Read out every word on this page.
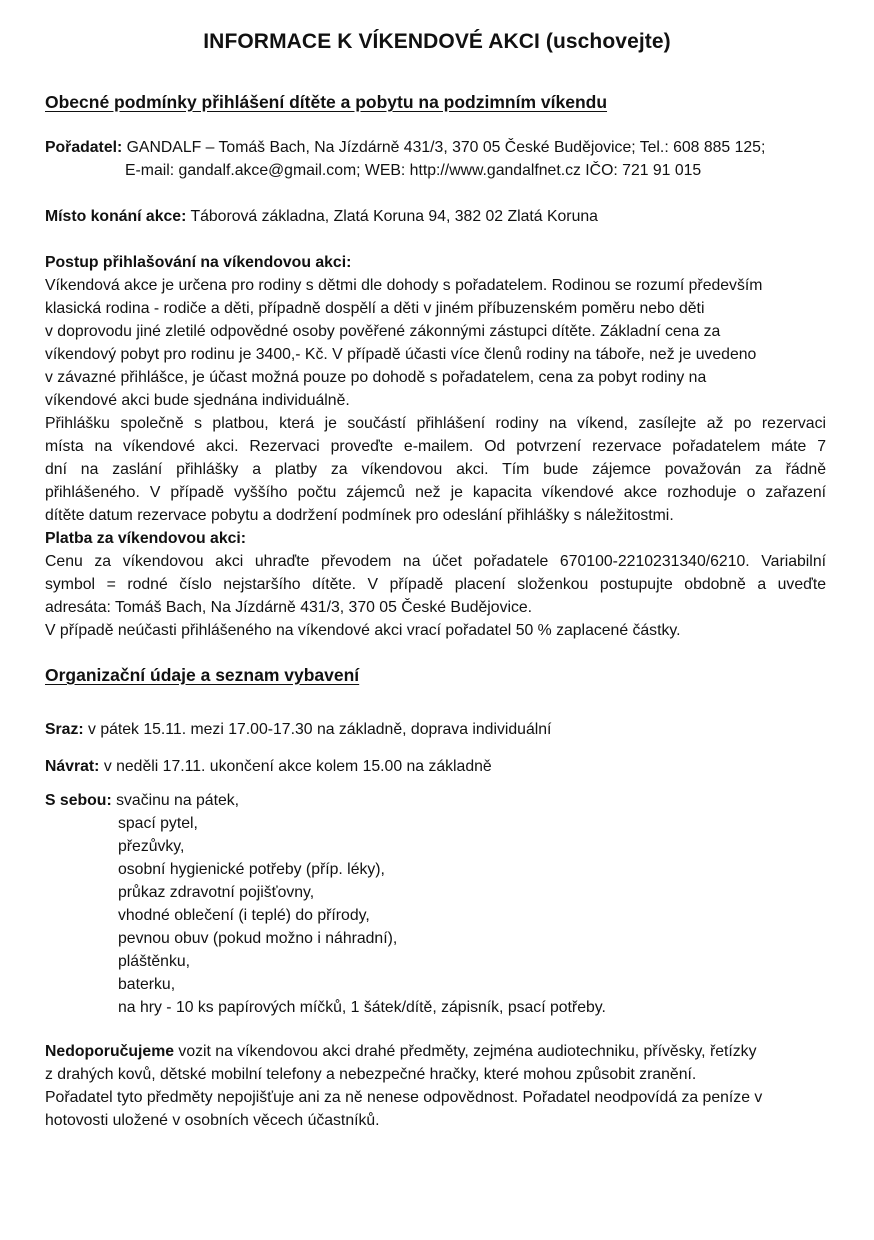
INFORMACE K VÍKENDOVÉ AKCI (uschovejte)
Obecné podmínky přihlášení dítěte a pobytu na podzimním víkendu
Pořadatel: GANDALF – Tomáš Bach, Na Jízdárně 431/3, 370 05 České Budějovice; Tel.: 608 885 125;
E-mail: gandalf.akce@gmail.com; WEB: http://www.gandalfnet.cz IČO: 721 91 015
Místo konání akce: Táborová základna, Zlatá Koruna 94, 382 02 Zlatá Koruna
Postup přihlašování na víkendovou akci:
Víkendová akce je určena pro rodiny s dětmi dle dohody s pořadatelem. Rodinou se rozumí především
klasická rodina - rodiče a děti, případně dospělí a děti v jiném příbuzenském poměru nebo děti
v doprovodu jiné zletilé odpovědné osoby pověřené zákonnými zástupci dítěte. Základní cena za
víkendový pobyt pro rodinu je 3400,- Kč. V případě účasti více členů rodiny na táboře, než je uvedeno
v závazné přihlášce, je účast možná pouze po dohodě s pořadatelem, cena za pobyt rodiny na
víkendové akci bude sjednána individuálně.
Přihlášku společně s platbou, která je součástí přihlášení rodiny na víkend, zasílejte až po rezervaci
místa na víkendové akci. Rezervaci proveďte e-mailem. Od potvrzení rezervace pořadatelem máte 7
dní na zaslání přihlášky a platby za víkendovou akci. Tím bude zájemce považován za řádně
přihlášeného. V případě vyššího počtu zájemců než je kapacita víkendové akce rozhoduje o zařazení
dítěte datum rezervace pobytu a dodržení podmínek pro odeslání přihlášky s náležitostmi.
Platba za víkendovou akci:
Cenu za víkendovou akci uhraďte převodem na účet pořadatele 670100-2210231340/6210. Variabilní
symbol = rodné číslo nejstaršího dítěte. V případě placení složenkou postupujte obdobně a uveďte
adresáta: Tomáš Bach, Na Jízdárně 431/3, 370 05 České Budějovice.
V případě neúčasti přihlášeného na víkendové akci vrací pořadatel 50 % zaplacené částky.
Organizační údaje a seznam vybavení
Sraz: v pátek 15.11. mezi 17.00-17.30 na základně, doprava individuální
Návrat: v neděli 17.11. ukončení akce kolem 15.00 na základně
S sebou: svačinu na pátek,
spací pytel,
přezůvky,
osobní hygienické potřeby (příp. léky),
průkaz zdravotní pojišťovny,
vhodné oblečení (i teplé) do přírody,
pevnou obuv (pokud možno i náhradní),
pláštěnku,
baterku,
na hry - 10 ks papírových míčků, 1 šátek/dítě, zápisník, psací potřeby.
Nedoporučujeme vozit na víkendovou akci drahé předměty, zejména audiotechniku, přívěsky, řetízky
z drahých kovů, dětské mobilní telefony a nebezpečné hračky, které mohou způsobit zranění.
Pořadatel tyto předměty nepojišťuje ani za ně nenese odpovědnost. Pořadatel neodpovídá za peníze v
hotovosti uložené v osobních věcech účastníků.
